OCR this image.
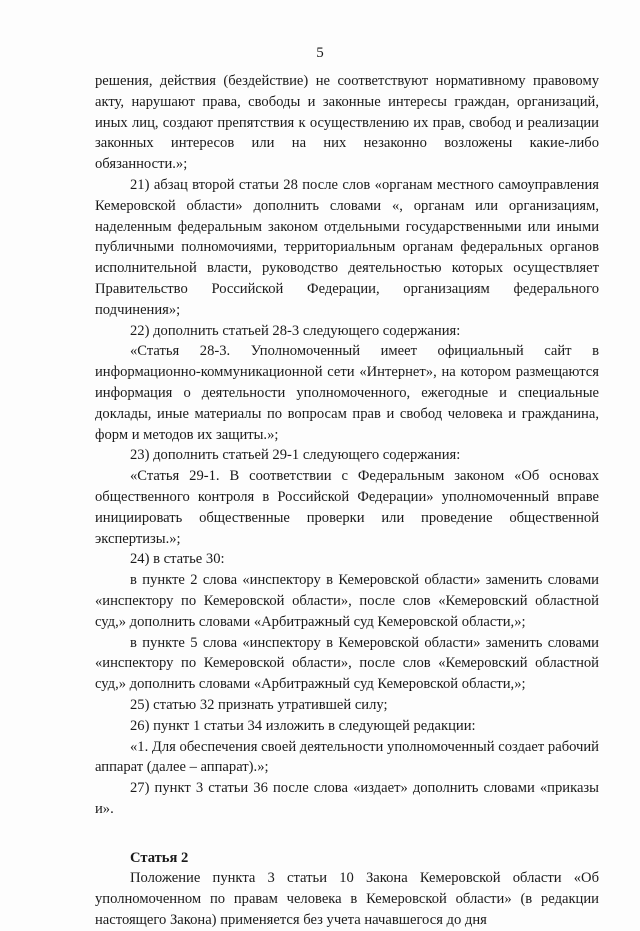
5

решения, действия (бездействие) не соответствуют нормативному правовому акту, нарушают права, свободы и законные интересы граждан, организаций, иных лиц, создают препятствия к осуществлению их прав, свобод и реализации законных интересов или на них незаконно возложены какие-либо обязанности.»;

21) абзац второй статьи 28 после слов «органам местного самоуправления Кемеровской области» дополнить словами «, органам или организациям, наделенным федеральным законом отдельными государственными или иными публичными полномочиями, территориальным органам федеральных органов исполнительной власти, руководство деятельностью которых осуществляет Правительство Российской Федерации, организациям федерального подчинения»;

22) дополнить статьей 28-3 следующего содержания:

«Статья 28-3. Уполномоченный имеет официальный сайт в информационно-коммуникационной сети «Интернет», на котором размещаются информация о деятельности уполномоченного, ежегодные и специальные доклады, иные материалы по вопросам прав и свобод человека и гражданина, форм и методов их защиты.»;

23) дополнить статьей 29-1 следующего содержания:

«Статья 29-1. В соответствии с Федеральным законом «Об основах общественного контроля в Российской Федерации» уполномоченный вправе инициировать общественные проверки или проведение общественной экспертизы.»;

24) в статье 30:

в пункте 2 слова «инспектору в Кемеровской области» заменить словами «инспектору по Кемеровской области», после слов «Кемеровский областной суд,» дополнить словами «Арбитражный суд Кемеровской области,»;

в пункте 5 слова «инспектору в Кемеровской области» заменить словами «инспектору по Кемеровской области», после слов «Кемеровский областной суд,» дополнить словами «Арбитражный суд Кемеровской области,»;

25) статью 32 признать утратившей силу;

26) пункт 1 статьи 34 изложить в следующей редакции:

«1. Для обеспечения своей деятельности уполномоченный создает рабочий аппарат (далее – аппарат).»;

27) пункт 3 статьи 36 после слова «издает» дополнить словами «приказы и».

Статья 2

Положение пункта 3 статьи 10 Закона Кемеровской области «Об уполномоченном по правам человека в Кемеровской области» (в редакции настоящего Закона) применяется без учета начавшегося до дня
